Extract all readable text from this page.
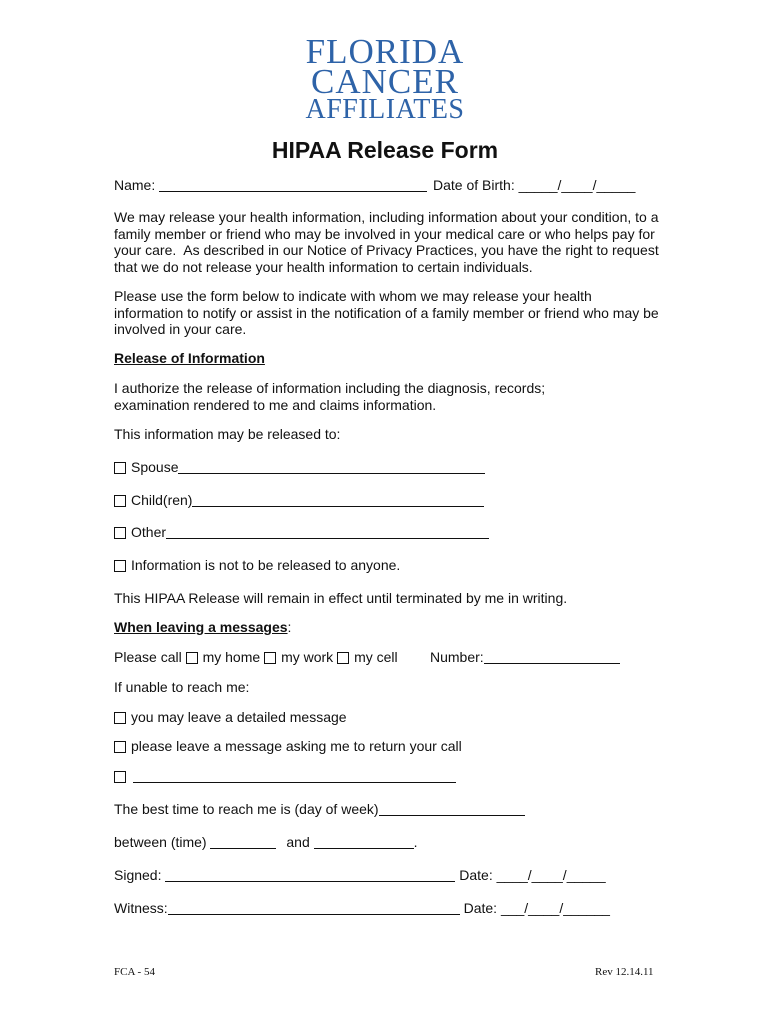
FLORIDA
CANCER
AFFILIATES
HIPAA Release Form
Name:	Date of Birth: _____/____/_____
We may release your health information, including information about your condition, to a
family member or friend who may be involved in your medical care or who helps pay for
your care.  As described in our Notice of Privacy Practices, you have the right to request
that we do not release your health information to certain individuals.
Please use the form below to indicate with whom we may release your health
information to notify or assist in the notification of a family member or friend who may be
involved in your care.
Release of Information
I authorize the release of information including the diagnosis, records;
examination rendered to me and claims information.
This information may be released to:
Spouse
Child(ren)
Other
Information is not to be released to anyone.
This HIPAA Release will remain in effect until terminated by me in writing.
When leaving a messages:
Please call my home my work my cell Number:
If unable to reach me:
you may leave a detailed message
please leave a message asking me to return your call
The best time to reach me is (day of week)
between (time)	and	.
Signed:	Date: ____/____/_____
Witness:	Date: ___/____/______
FCA - 54	Rev 12.14.11
